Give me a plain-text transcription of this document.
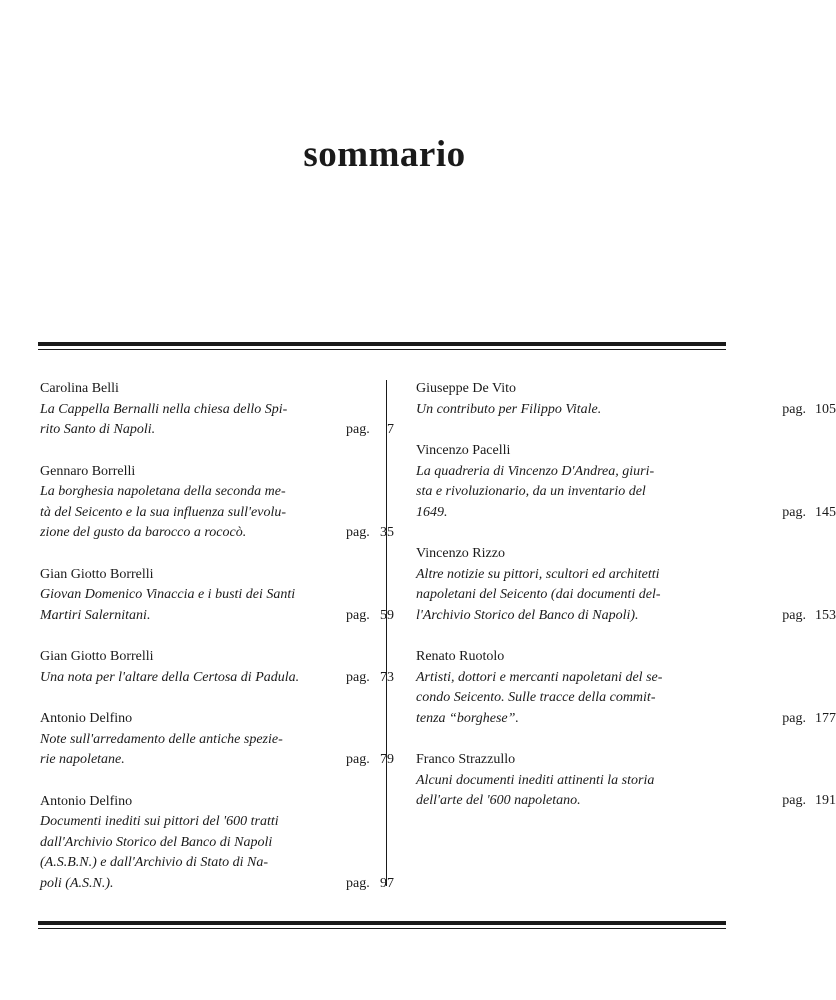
sommario
Carolina Belli
La Cappella Bernalli nella chiesa dello Spi-
rito Santo di Napoli.	pag. 7
Gennaro Borrelli
La borghesia napoletana della seconda me-
tà del Seicento e la sua influenza sull'evolu-
zione del gusto da barocco a rococò.	pag. 35
Gian Giotto Borrelli
Giovan Domenico Vinaccia e i busti dei Santi
Martiri Salernitani.	pag. 59
Gian Giotto Borrelli
Una nota per l'altare della Certosa di Padula.	pag. 73
Antonio Delfino
Note sull'arredamento delle antiche spezie-
rie napoletane.	pag. 79
Antonio Delfino
Documenti inediti sui pittori del '600 tratti
dall'Archivio Storico del Banco di Napoli
(A.S.B.N.) e dall'Archivio di Stato di Na-
poli (A.S.N.).	pag. 97
Giuseppe De Vito
Un contributo per Filippo Vitale.	pag. 105
Vincenzo Pacelli
La quadreria di Vincenzo D'Andrea, giuri-
sta e rivoluzionario, da un inventario del
1649.	pag. 145
Vincenzo Rizzo
Altre notizie su pittori, scultori ed architetti
napoletani del Seicento (dai documenti del-
l'Archivio Storico del Banco di Napoli).	pag. 153
Renato Ruotolo
Artisti, dottori e mercanti napoletani del se-
condo Seicento. Sulle tracce della commit-
tenza “borghese”.	pag. 177
Franco Strazzullo
Alcuni documenti inediti attinenti la storia
dell'arte del '600 napoletano.	pag. 191
